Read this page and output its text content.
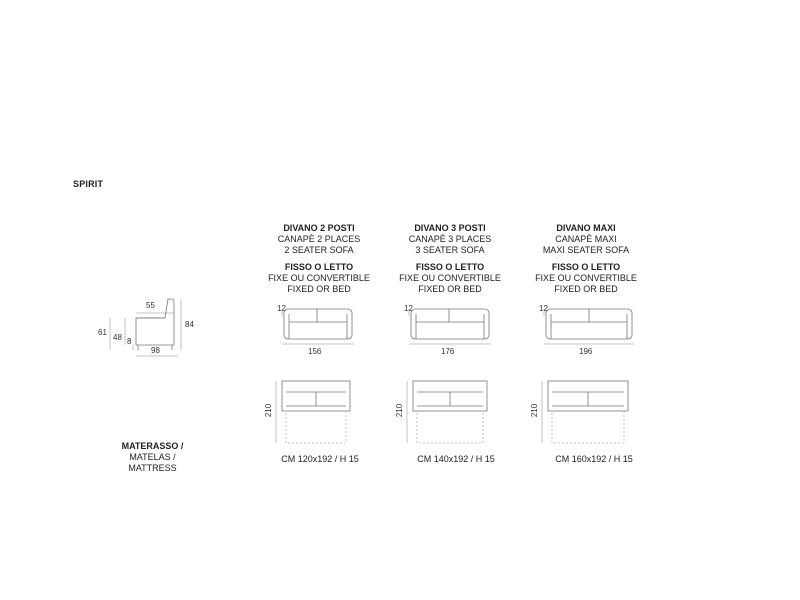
SPIRIT
55
61
48 8
84
98
DIVANO 2 POSTI
CANAPÈ 2 PLACES
2 SEATER SOFA
FISSO O LETTO
FIXE OU CONVERTIBLE
FIXED OR BED
DIVANO 3 POSTI
CANAPÈ 3 PLACES
3 SEATER SOFA
FISSO O LETTO
FIXE OU CONVERTIBLE
FIXED OR BED
DIVANO MAXI
CANAPÈ MAXI
MAXI SEATER SOFA
FISSO O LETTO
FIXE OU CONVERTIBLE
FIXED OR BED
12
156
12
176
12
196
210	210	210
MATERASSO /
MATELAS /
MATTRESS
CM 120x192 / H 15	CM 140x192 / H 15	CM 160x192 / H 15
